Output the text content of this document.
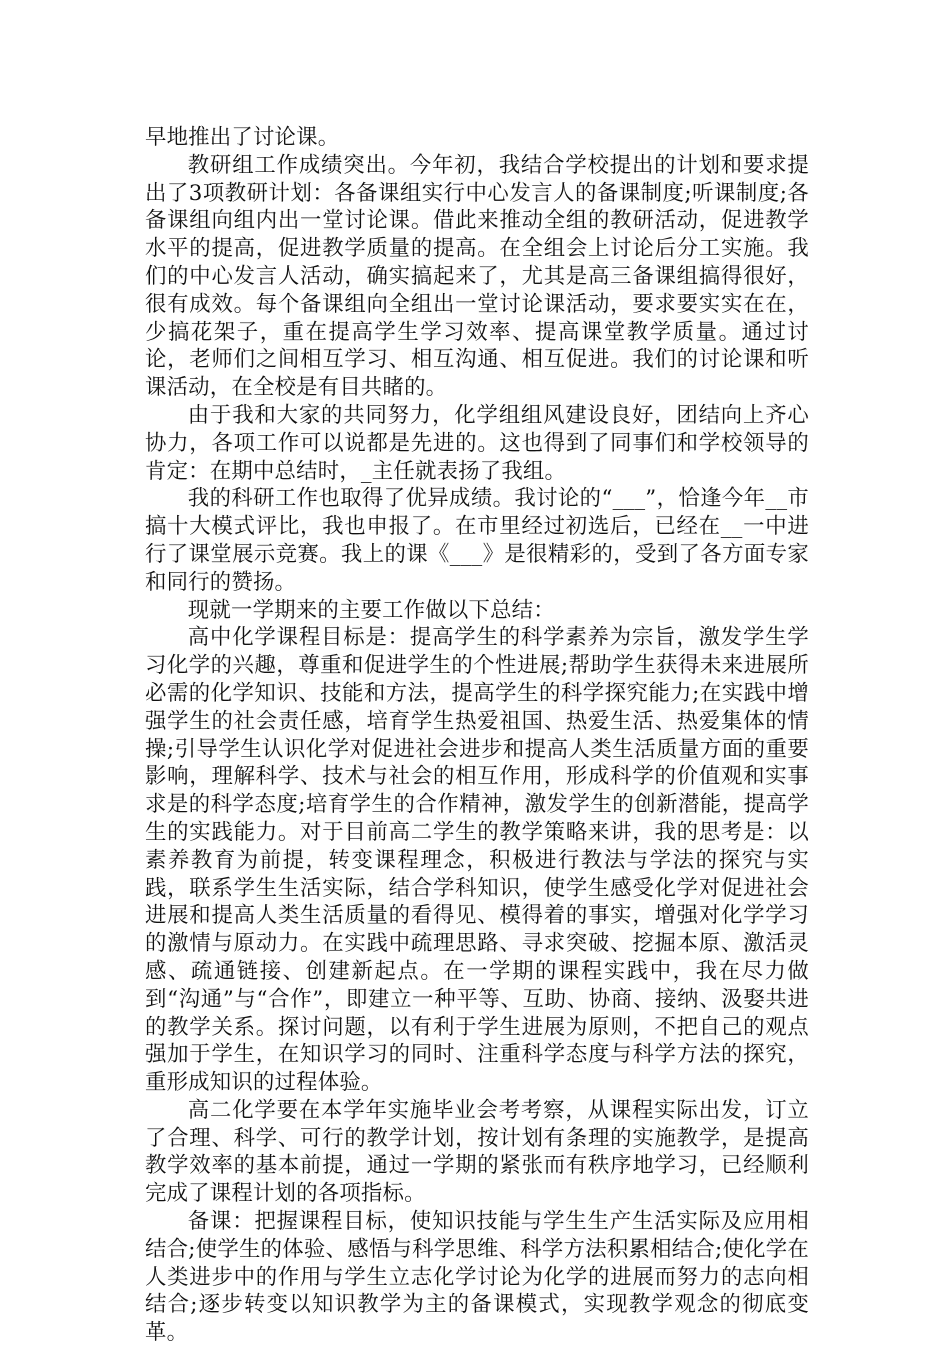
早地推出了讨论课。

教研组工作成绩突出。今年初，我结合学校提出的计划和要求提出了3项教研计划：各备课组实行中心发言人的备课制度;听课制度;各备课组向组内出一堂讨论课。借此来推动全组的教研活动，促进教学水平的提高，促进教学质量的提高。在全组会上讨论后分工实施。我们的中心发言人活动，确实搞起来了，尤其是高三备课组搞得很好，很有成效。每个备课组向全组出一堂讨论课活动，要求要实实在在，少搞花架子，重在提高学生学习效率、提高课堂教学质量。通过讨论，老师们之间相互学习、相互沟通、相互促进。我们的讨论课和听课活动，在全校是有目共睹的。

由于我和大家的共同努力，化学组组风建设良好，团结向上齐心协力，各项工作可以说都是先进的。这也得到了同事们和学校领导的肯定：在期中总结时，_主任就表扬了我组。

我的科研工作也取得了优异成绩。我讨论的“___”，恰逢今年__市搞十大模式评比，我也申报了。在市里经过初选后，已经在__一中进行了课堂展示竞赛。我上的课《___》是很精彩的，受到了各方面专家和同行的赞扬。

现就一学期来的主要工作做以下总结：

高中化学课程目标是：提高学生的科学素养为宗旨，激发学生学习化学的兴趣，尊重和促进学生的个性进展;帮助学生获得未来进展所必需的化学知识、技能和方法，提高学生的科学探究能力;在实践中增强学生的社会责任感，培育学生热爱祖国、热爱生活、热爱集体的情操;引导学生认识化学对促进社会进步和提高人类生活质量方面的重要影响，理解科学、技术与社会的相互作用，形成科学的价值观和实事求是的科学态度;培育学生的合作精神，激发学生的创新潜能，提高学生的实践能力。对于目前高二学生的教学策略来讲，我的思考是：以素养教育为前提，转变课程理念，积极进行教法与学法的探究与实践，联系学生生活实际，结合学科知识，使学生感受化学对促进社会进展和提高人类生活质量的看得见、模得着的事实，增强对化学学习的激情与原动力。在实践中疏理思路、寻求突破、挖掘本原、激活灵感、疏通链接、创建新起点。在一学期的课程实践中，我在尽力做到“沟通”与“合作”，即建立一种平等、互助、协商、接纳、汲娶共进的教学关系。探讨问题，以有利于学生进展为原则，不把自己的观点强加于学生，在知识学习的同时、注重科学态度与科学方法的探究，重形成知识的过程体验。

高二化学要在本学年实施毕业会考考察，从课程实际出发，订立了合理、科学、可行的教学计划，按计划有条理的实施教学，是提高教学效率的基本前提，通过一学期的紧张而有秩序地学习，已经顺利完成了课程计划的各项指标。

备课：把握课程目标，使知识技能与学生生产生活实际及应用相结合;使学生的体验、感悟与科学思维、科学方法积累相结合;使化学在人类进步中的作用与学生立志化学讨论为化学的进展而努力的志向相结合;逐步转变以知识教学为主的备课模式，实现教学观念的彻底变革。
